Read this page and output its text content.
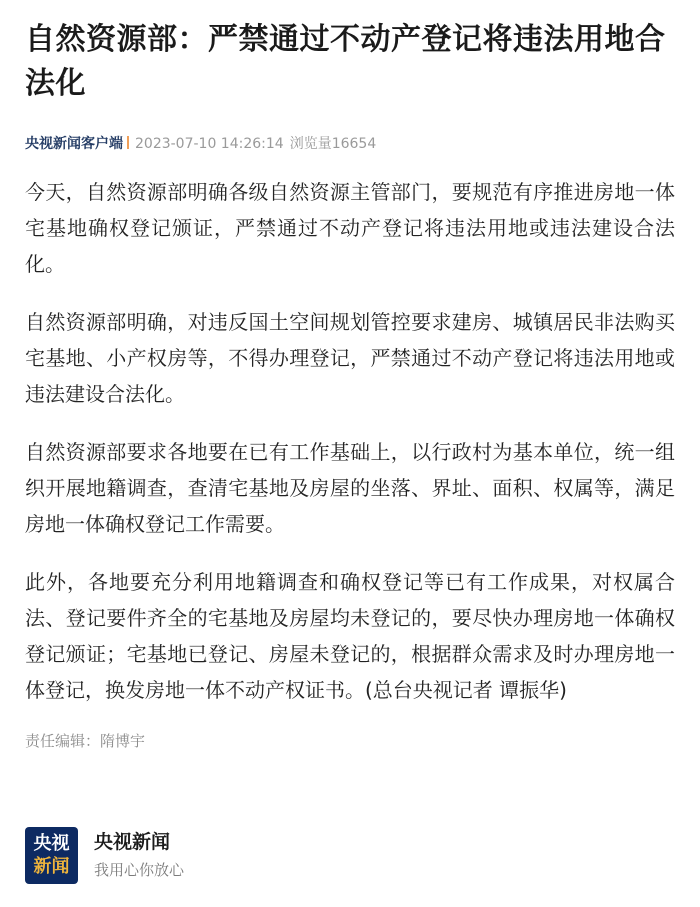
自然资源部：严禁通过不动产登记将违法用地合法化
央视新闻客户端 2023-07-10 14:26:14 浏览量16654

今天，自然资源部明确各级自然资源主管部门，要规范有序推进房地一体宅基地确权登记颁证，严禁通过不动产登记将违法用地或违法建设合法化。

自然资源部明确，对违反国土空间规划管控要求建房、城镇居民非法购买宅基地、小产权房等，不得办理登记，严禁通过不动产登记将违法用地或违法建设合法化。

自然资源部要求各地要在已有工作基础上，以行政村为基本单位，统一组织开展地籍调查，查清宅基地及房屋的坐落、界址、面积、权属等，满足房地一体确权登记工作需要。

此外，各地要充分利用地籍调查和确权登记等已有工作成果，对权属合法、登记要件齐全的宅基地及房屋均未登记的，要尽快办理房地一体确权登记颁证；宅基地已登记、房屋未登记的，根据群众需求及时办理房地一体登记，换发房地一体不动产权证书。(总台央视记者 谭振华)

责任编辑：隋博宇
央视
新闻
央视新闻
我用心你放心
